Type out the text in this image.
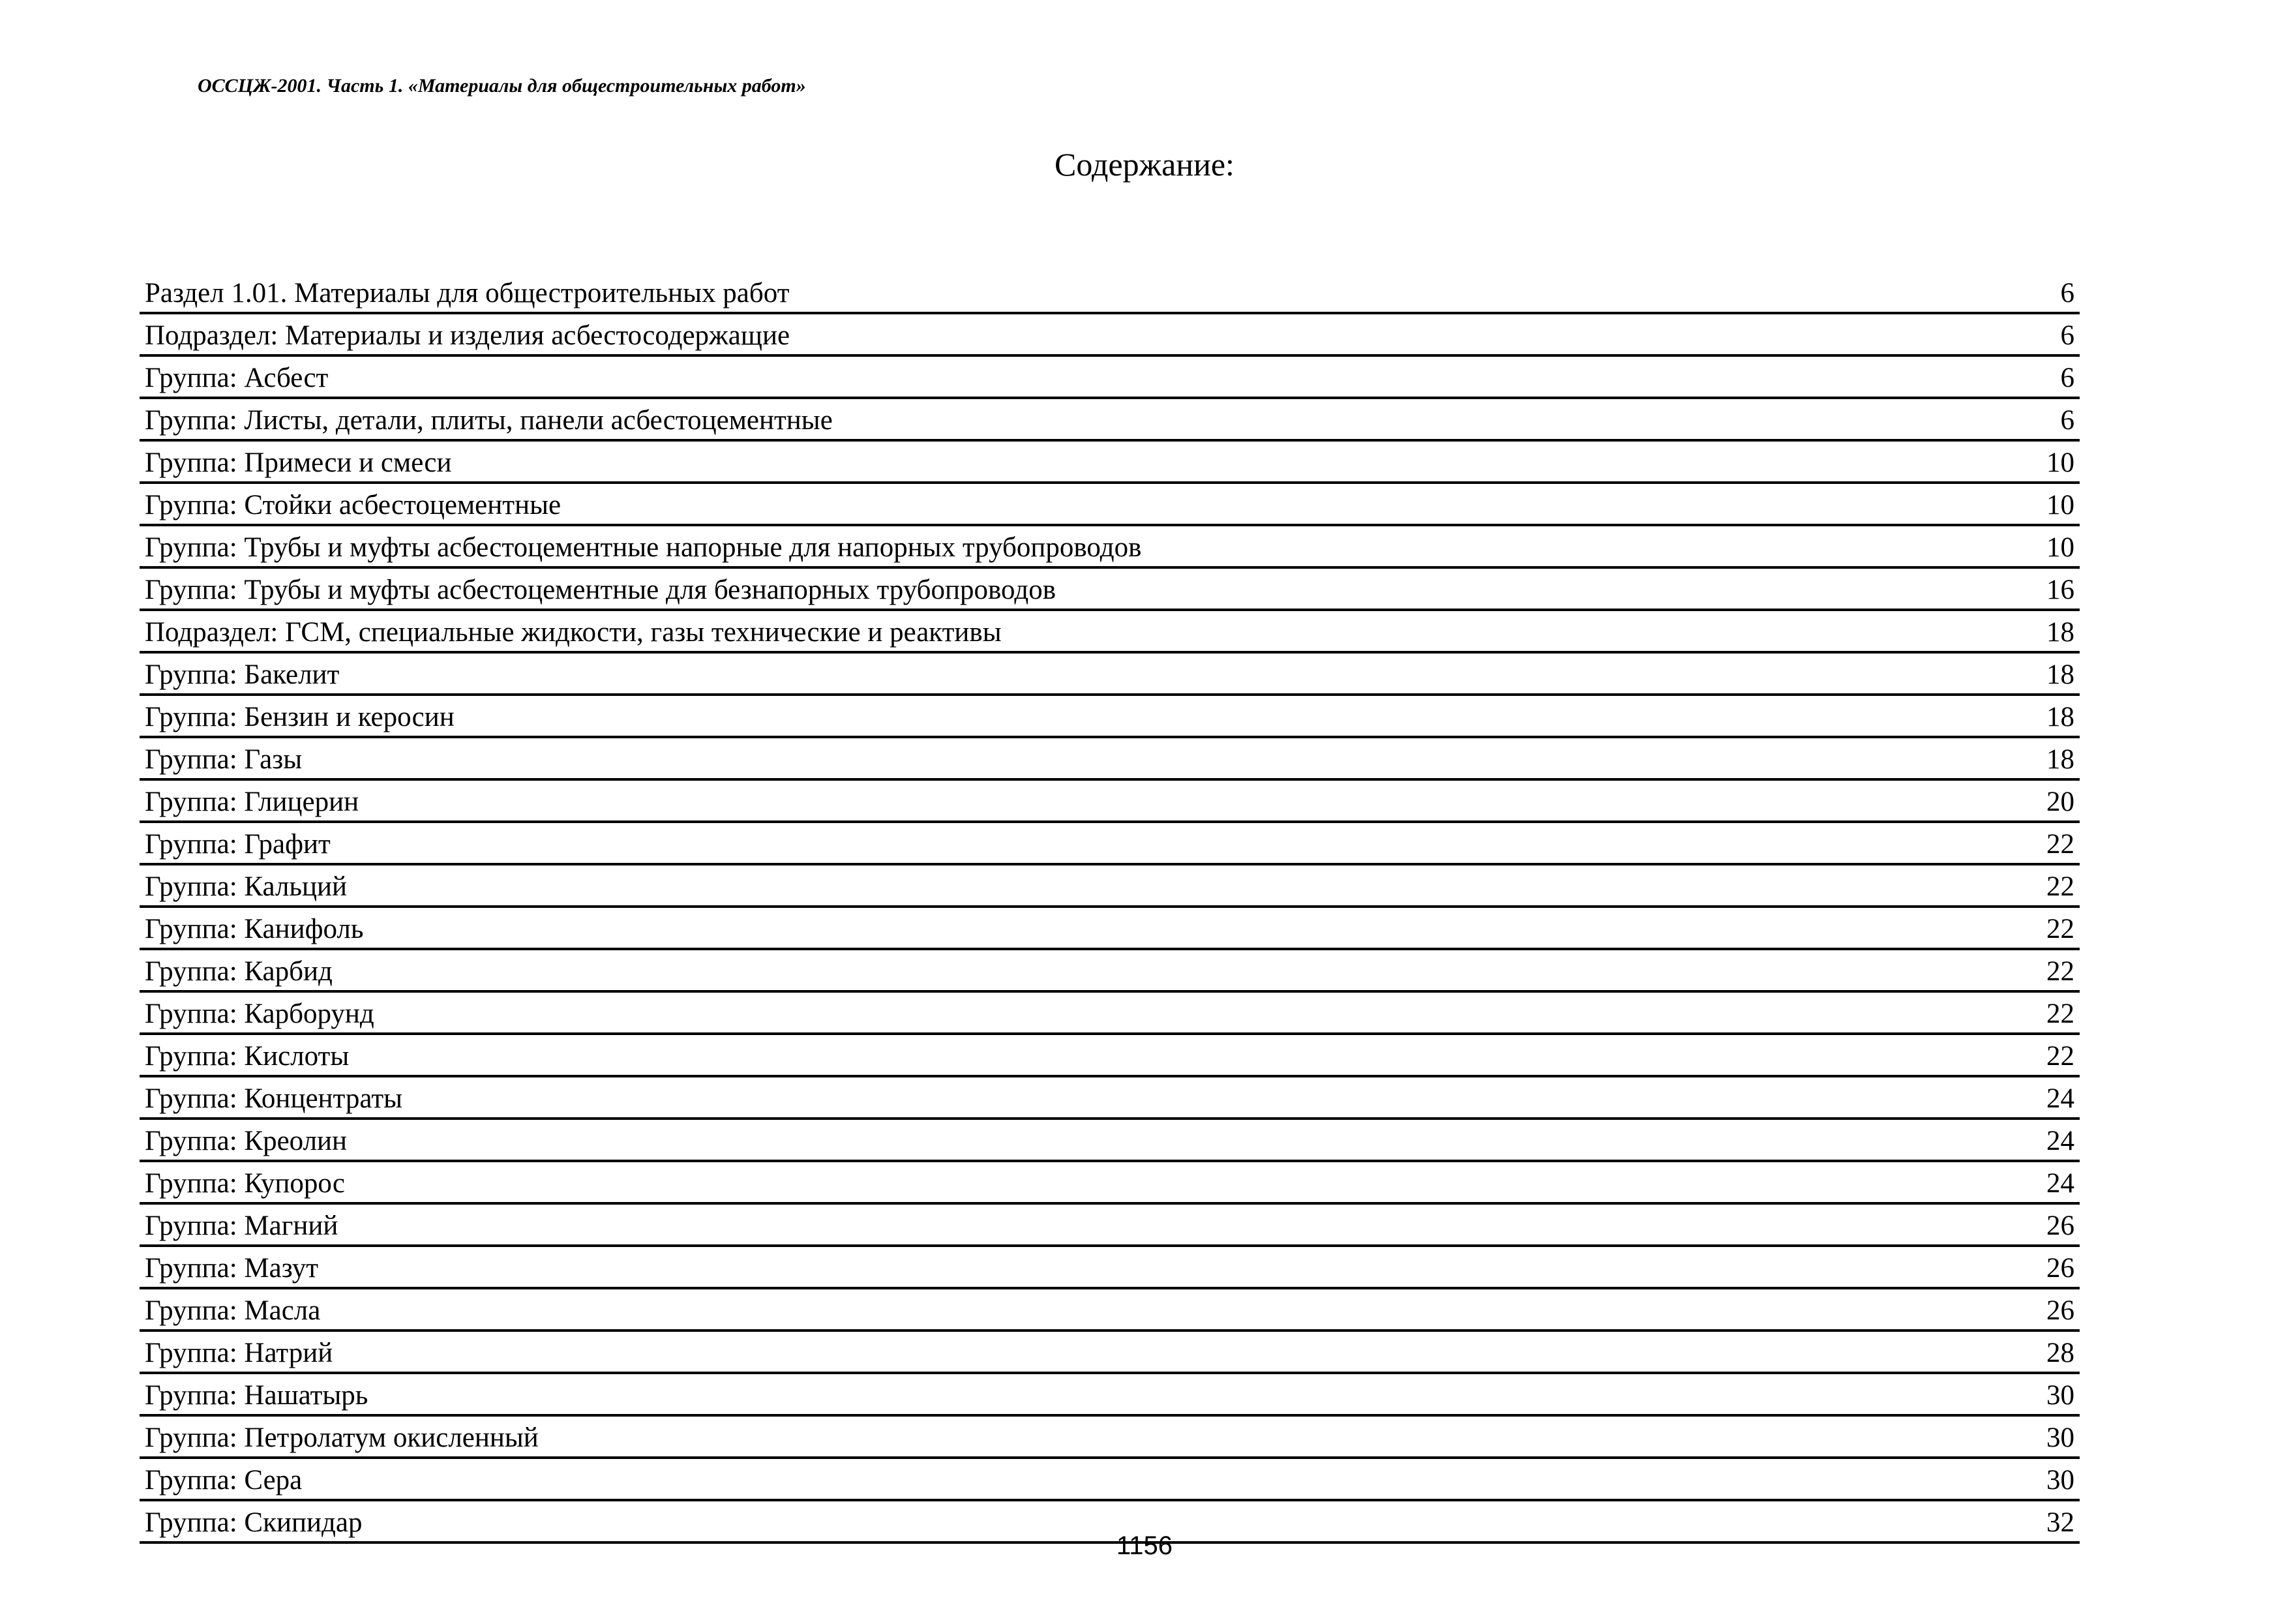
ОССЦЖ-2001. Часть 1. «Материалы для общестроительных работ»
Содержание:
Раздел 1.01. Материалы для общестроительных работ	6
Подраздел: Материалы и изделия асбестосодержащие	6
Группа: Асбест	6
Группа: Листы, детали, плиты, панели асбестоцементные	6
Группа: Примеси и смеси	10
Группа: Стойки асбестоцементные	10
Группа: Трубы и муфты асбестоцементные напорные для напорных трубопроводов	10
Группа: Трубы и муфты асбестоцементные для безнапорных трубопроводов	16
Подраздел: ГСМ, специальные жидкости, газы технические и реактивы	18
Группа: Бакелит	18
Группа: Бензин и керосин	18
Группа: Газы	18
Группа: Глицерин	20
Группа: Графит	22
Группа: Кальций	22
Группа: Канифоль	22
Группа: Карбид	22
Группа: Карборунд	22
Группа: Кислоты	22
Группа: Концентраты	24
Группа: Креолин	24
Группа: Купорос	24
Группа: Магний	26
Группа: Мазут	26
Группа: Масла	26
Группа: Натрий	28
Группа: Нашатырь	30
Группа: Петролатум окисленный	30
Группа: Сера	30
Группа: Скипидар	32
1156
